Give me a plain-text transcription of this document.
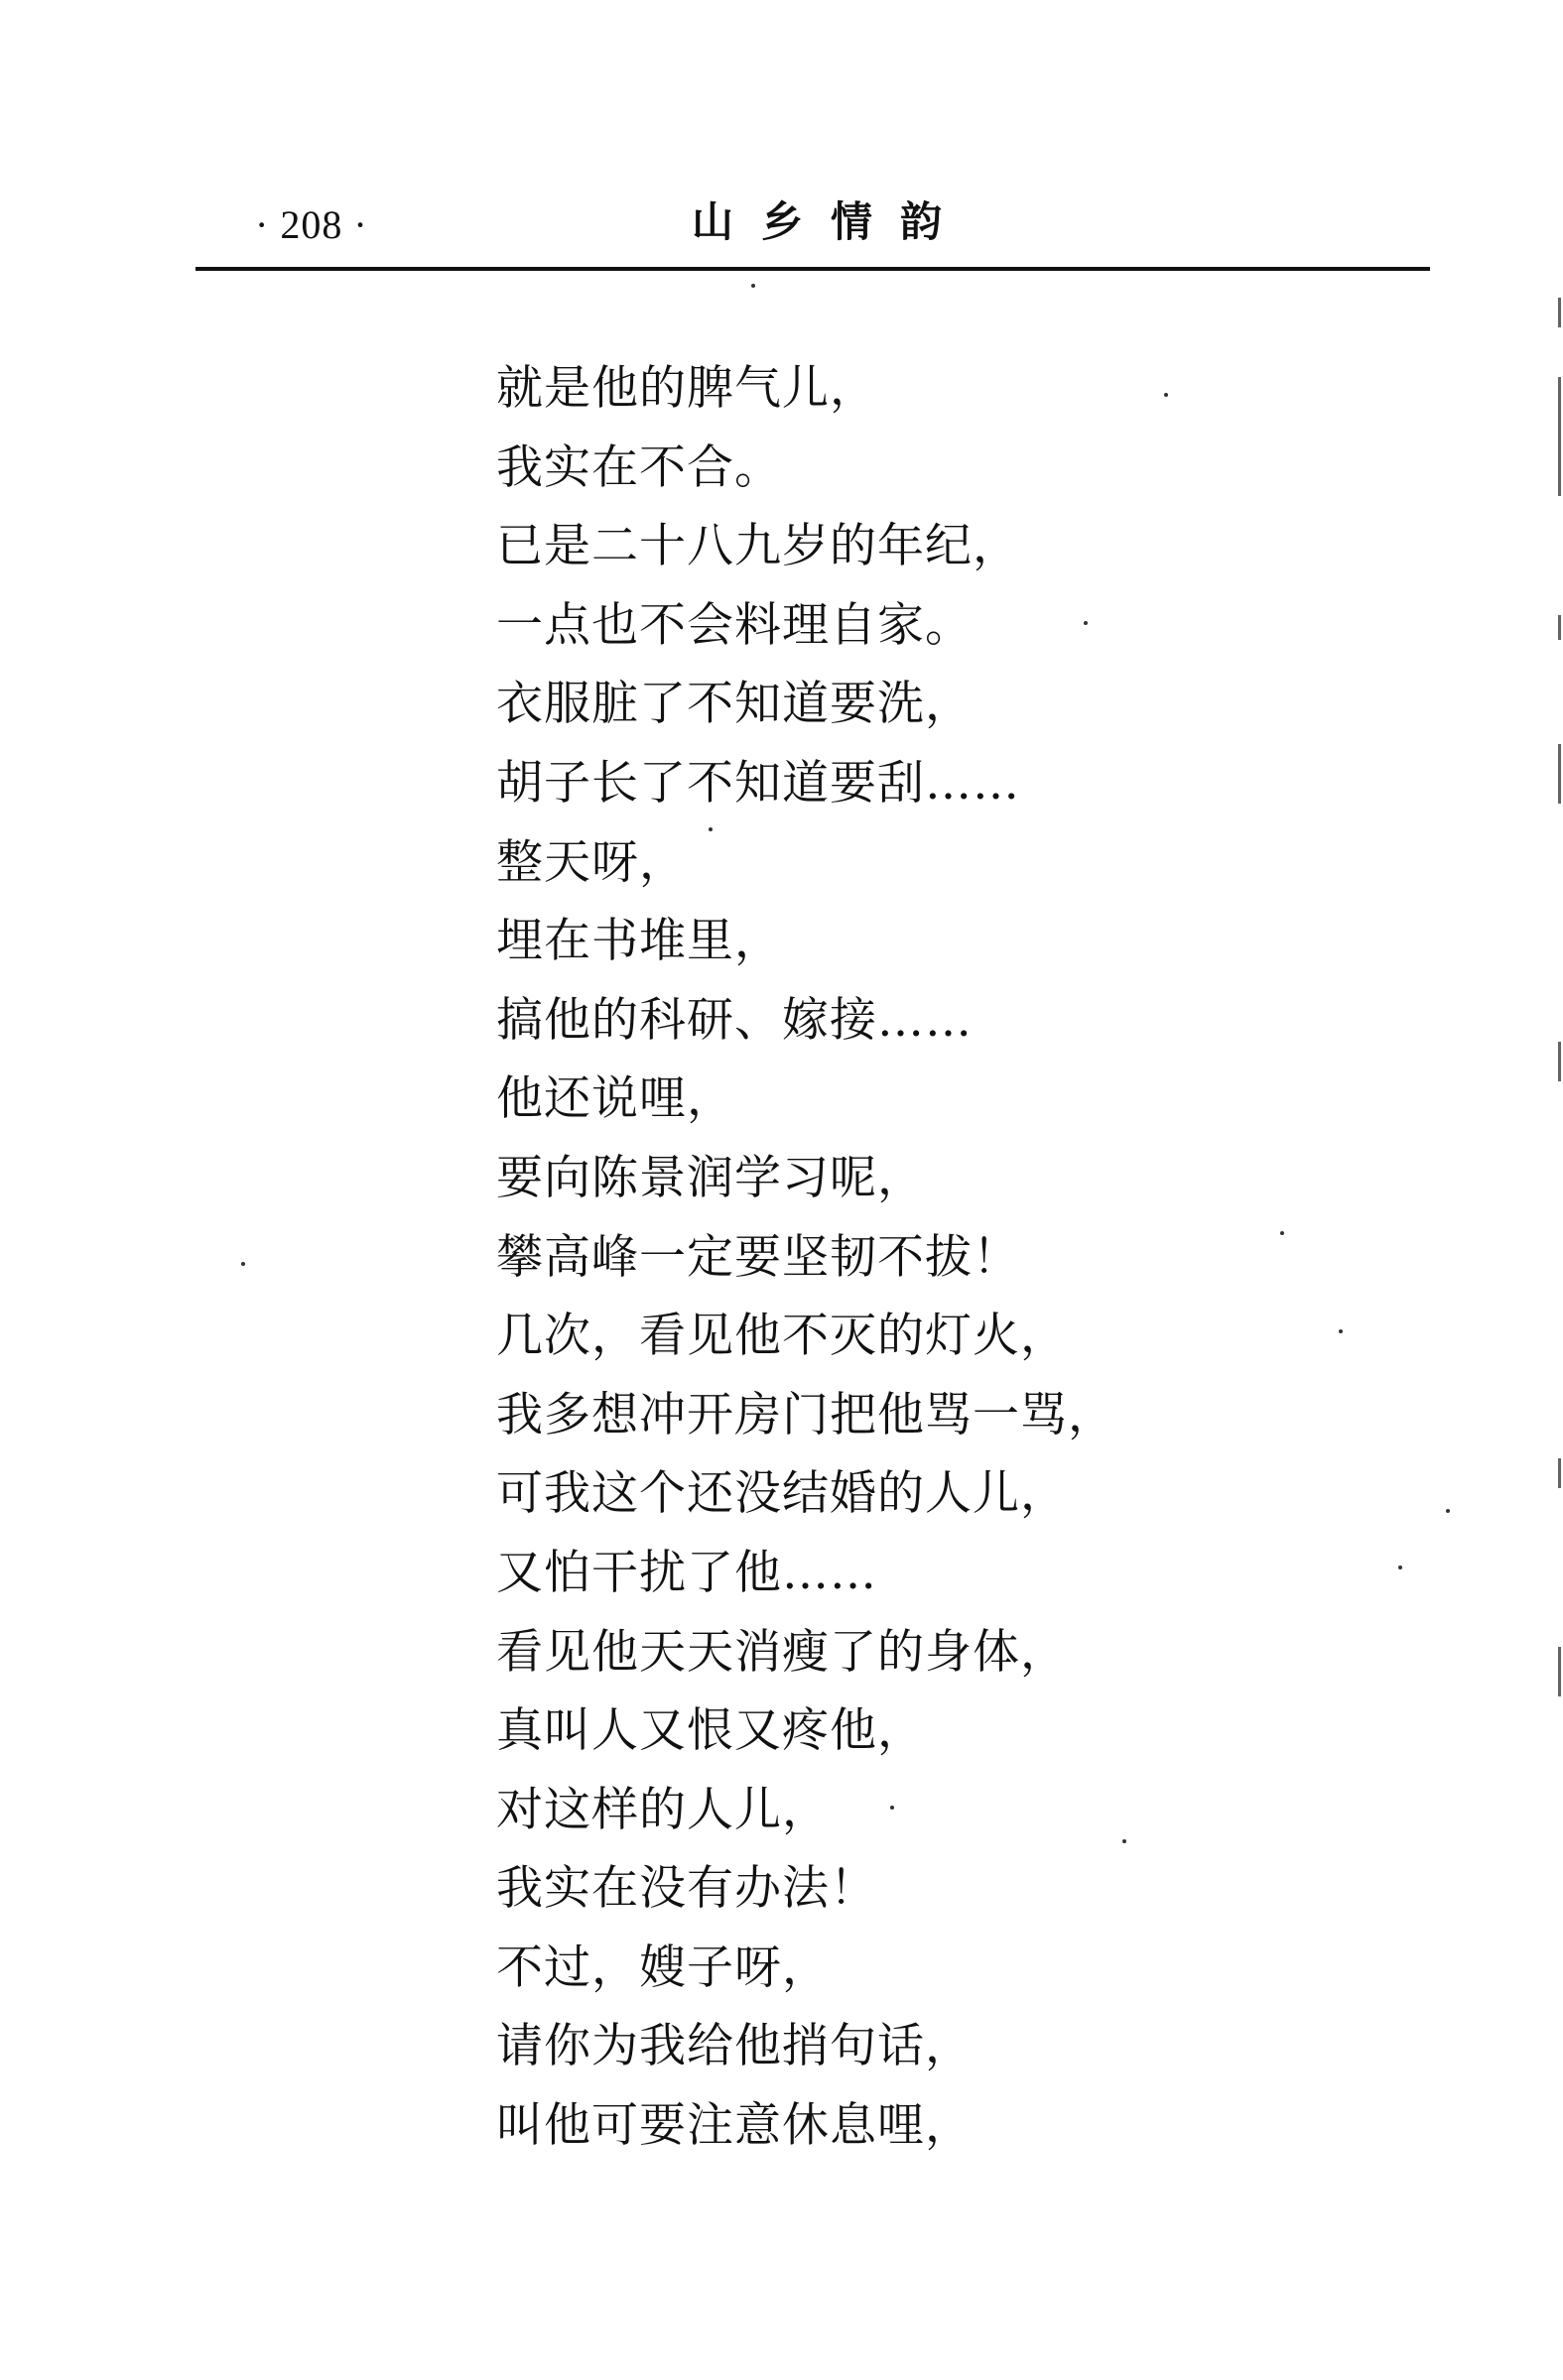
· 208 ·	山乡情韵
就是他的脾气儿，
我实在不合。
已是二十八九岁的年纪，
一点也不会料理自家。
衣服脏了不知道要洗，
胡子长了不知道要刮……
整天呀，
埋在书堆里，
搞他的科研、嫁接……
他还说哩，
要向陈景润学习呢，
攀高峰一定要坚韧不拔！
几次，看见他不灭的灯火，
我多想冲开房门把他骂一骂，
可我这个还没结婚的人儿，
又怕干扰了他……
看见他天天消瘦了的身体，
真叫人又恨又疼他，
对这样的人儿，
我实在没有办法！
不过，嫂子呀，
请你为我给他捎句话，
叫他可要注意休息哩，
